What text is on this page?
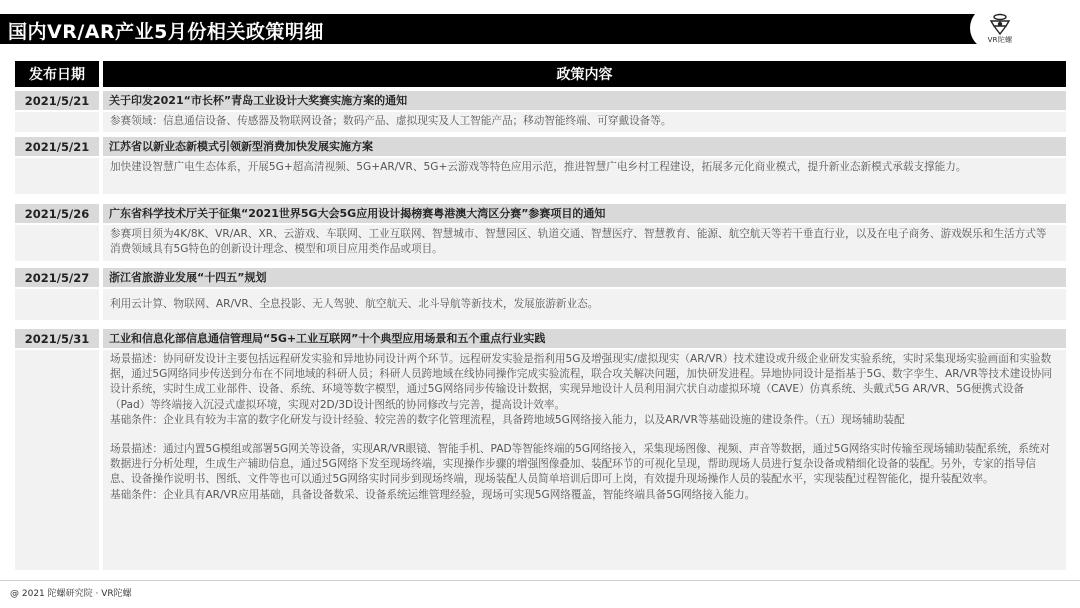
国内VR/AR产业5月份相关政策明细	VR陀螺
发布日期	政策内容
2021/5/21	关于印发2021“市长杯”青岛工业设计大奖赛实施方案的通知

参赛领域：信息通信设备、传感器及物联网设备；数码产品、虚拟现实及人工智能产品；移动智能终端、可穿戴设备等。

2021/5/21	江苏省以新业态新模式引领新型消费加快发展实施方案

加快建设智慧广电生态体系，开展5G+超高清视频、5G+AR/VR、5G+云游戏等特色应用示范，推进智慧广电乡村工程建设，拓展多元化商业模式，提升新业态新模式承载支撑能力。

2021/5/26	广东省科学技术厅关于征集“2021世界5G大会5G应用设计揭榜赛粤港澳大湾区分赛”参赛项目的通知

参赛项目须为4K/8K、VR/AR、XR、云游戏、车联网、工业互联网、智慧城市、智慧园区、轨道交通、智慧医疗、智慧教育、能源、航空航天等若干垂直行业，以及在电子商务、游戏娱乐和生活方式等消费领域具有5G特色的创新设计理念、模型和项目应用类作品或项目。

2021/5/27	浙江省旅游业发展“十四五”规划

利用云计算、物联网、AR/VR、全息投影、无人驾驶、航空航天、北斗导航等新技术，发展旅游新业态。

2021/5/31	工业和信息化部信息通信管理局“5G+工业互联网”十个典型应用场景和五个重点行业实践

场景描述：协同研发设计主要包括远程研发实验和异地协同设计两个环节。远程研发实验是指利用5G及增强现实/虚拟现实（AR/VR）技术建设或升级企业研发实验系统，实时采集现场实验画面和实验数据，通过5G网络同步传送到分布在不同地域的科研人员；科研人员跨地域在线协同操作完成实验流程，联合攻关解决问题，加快研发进程。异地协同设计是指基于5G、数字孪生、AR/VR等技术建设协同设计系统，实时生成工业部件、设备、系统、环境等数字模型，通过5G网络同步传输设计数据，实现异地设计人员利用洞穴状自动虚拟环境（CAVE）仿真系统、头戴式5G AR/VR、5G便携式设备（Pad）等终端接入沉浸式虚拟环境，实现对2D/3D设计图纸的协同修改与完善，提高设计效率。

基础条件：企业具有较为丰富的数字化研发与设计经验、较完善的数字化管理流程，具备跨地域5G网络接入能力，以及AR/VR等基础设施的建设条件。（五）现场辅助装配

场景描述：通过内置5G模组或部署5G网关等设备，实现AR/VR眼镜、智能手机、PAD等智能终端的5G网络接入，采集现场图像、视频、声音等数据，通过5G网络实时传输至现场辅助装配系统，系统对数据进行分析处理，生成生产辅助信息，通过5G网络下发至现场终端，实现操作步骤的增强图像叠加、装配环节的可视化呈现，帮助现场人员进行复杂设备或精细化设备的装配。另外，专家的指导信息、设备操作说明书、图纸、文件等也可以通过5G网络实时同步到现场终端，现场装配人员简单培训后即可上岗，有效提升现场操作人员的装配水平，实现装配过程智能化，提升装配效率。

基础条件：企业具有AR/VR应用基础，具备设备数采、设备系统运维管理经验，现场可实现5G网络覆盖，智能终端具备5G网络接入能力。

@ 2021 陀螺研究院 · VR陀螺
